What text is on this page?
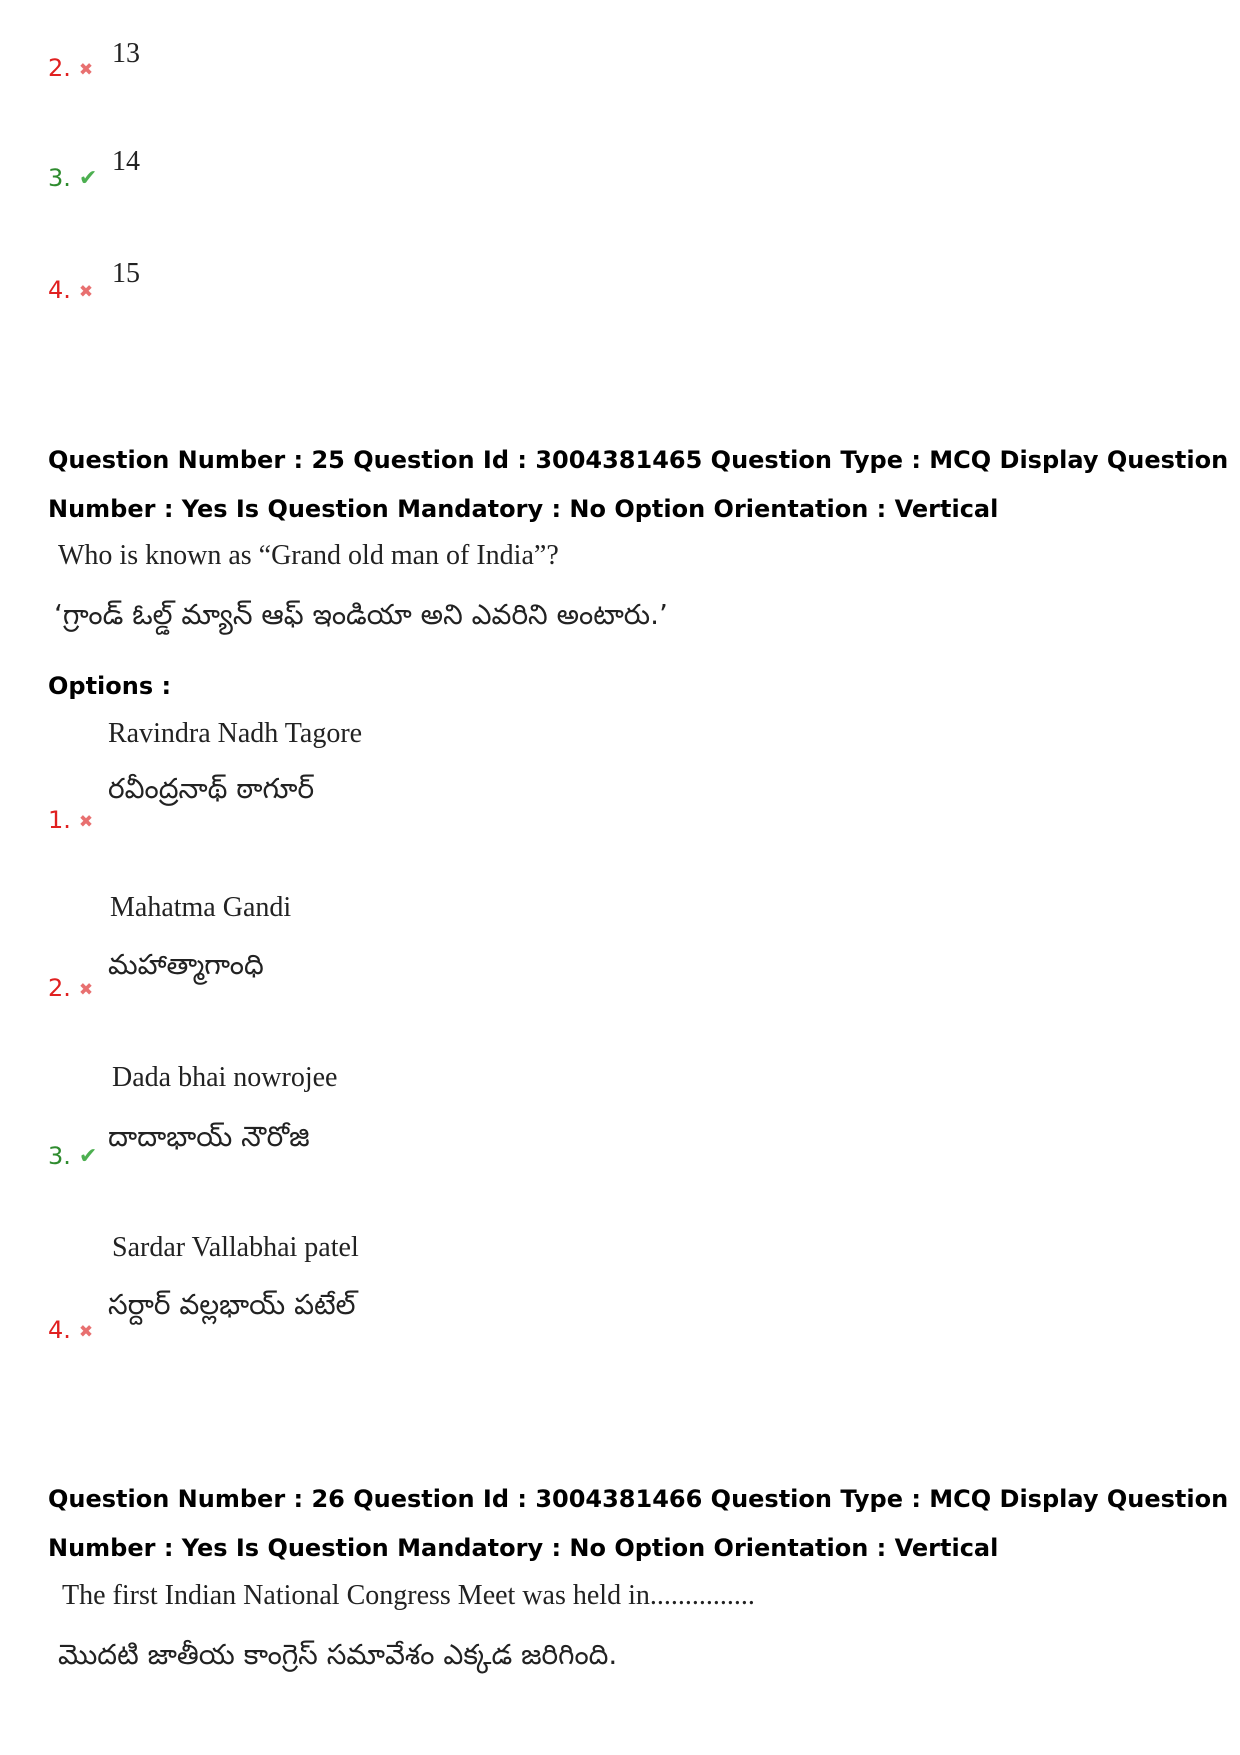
2. ✖
13
3. ✔
14
4. ✖
15
Question Number : 25 Question Id : 3004381465 Question Type : MCQ Display Question
Number : Yes Is Question Mandatory : No Option Orientation : Vertical
Who is known as “Grand old man of India”?
‘గ్రాండ్ ఓల్డ్ మ్యాన్ ఆఫ్ ఇండియా అని ఎవరిని అంటారు.’
Options :
Ravindra Nadh Tagore
రవీంద్రనాథ్ ఠాగూర్
1. ✖
Mahatma Gandi
మహాత్మాగాంధి
2. ✖
Dada bhai nowrojee
దాదాభాయ్ నౌరోజి
3. ✔
Sardar Vallabhai patel
సర్దార్ వల్లభాయ్ పటేల్
4. ✖
Question Number : 26 Question Id : 3004381466 Question Type : MCQ Display Question
Number : Yes Is Question Mandatory : No Option Orientation : Vertical
The first Indian National Congress Meet was held in...............
మొదటి జాతీయ కాంగ్రెస్ సమావేశం ఎక్కడ జరిగింది.
